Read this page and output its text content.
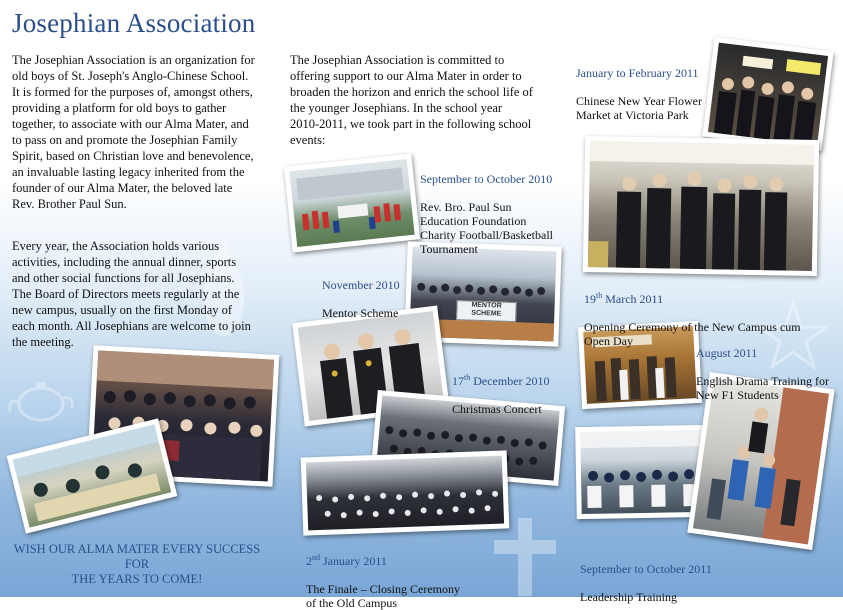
Josephian Association

The Josephian Association is an organization for
old boys of St. Joseph's Anglo-Chinese School.
It is formed for the purposes of, amongst others,
providing a platform for old boys to gather
together, to associate with our Alma Mater, and
to pass on and promote the Josephian Family
Spirit, based on Christian love and benevolence,
an invaluable lasting legacy inherited from the
founder of our Alma Mater, the beloved late
Rev. Brother Paul Sun.

Every year, the Association holds various
activities, including the annual dinner, sports
and other social functions for all Josephians.
The Board of Directors meets regularly at the
new campus, usually on the first Monday of
each month. All Josephians are welcome to join
the meeting.

The Josephian Association is committed to
offering support to our Alma Mater in order to
broaden the horizon and enrich the school life of
the younger Josephians. In the school year
2010-2011, we took part in the following school
events:

WISH OUR ALMA MATER EVERY SUCCESS
FOR
THE YEARS TO COME!
MENTOR
SCHEME

September to October 2010

Rev. Bro. Paul Sun
Education Foundation
Charity Football/Basketball
Tournament

November 2010

Mentor Scheme

17th December 2010

Christmas Concert

2nd January 2011

The Finale – Closing Ceremony
of the Old Campus

January to February 2011

Chinese New Year Flower
Market at Victoria Park

19th March 2011

Opening Ceremony of the New Campus cum
Open Day

August 2011

English Drama Training for
New F1 Students

September to October 2011

Leadership Training
